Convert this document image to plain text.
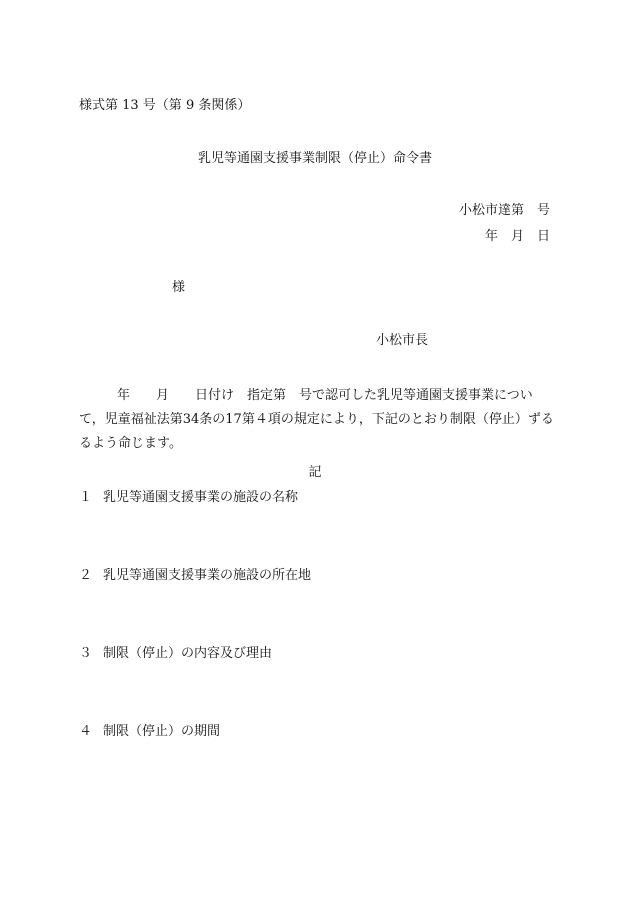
様式第 13 号（第 9 条関係）
乳児等通園支援事業制限（停止）命令書
小松市達第　号
年　月　日
様
小松市長
年　　月　　日付け　指定第　号で認可した乳児等通園支援事業につい
て，児童福祉法第34条の17第４項の規定により，下記のとおり制限（停止）ずる
るよう命じます。
記
１ 乳児等通園支援事業の施設の名称
２ 乳児等通園支援事業の施設の所在地
３ 制限（停止）の内容及び理由
４ 制限（停止）の期間
